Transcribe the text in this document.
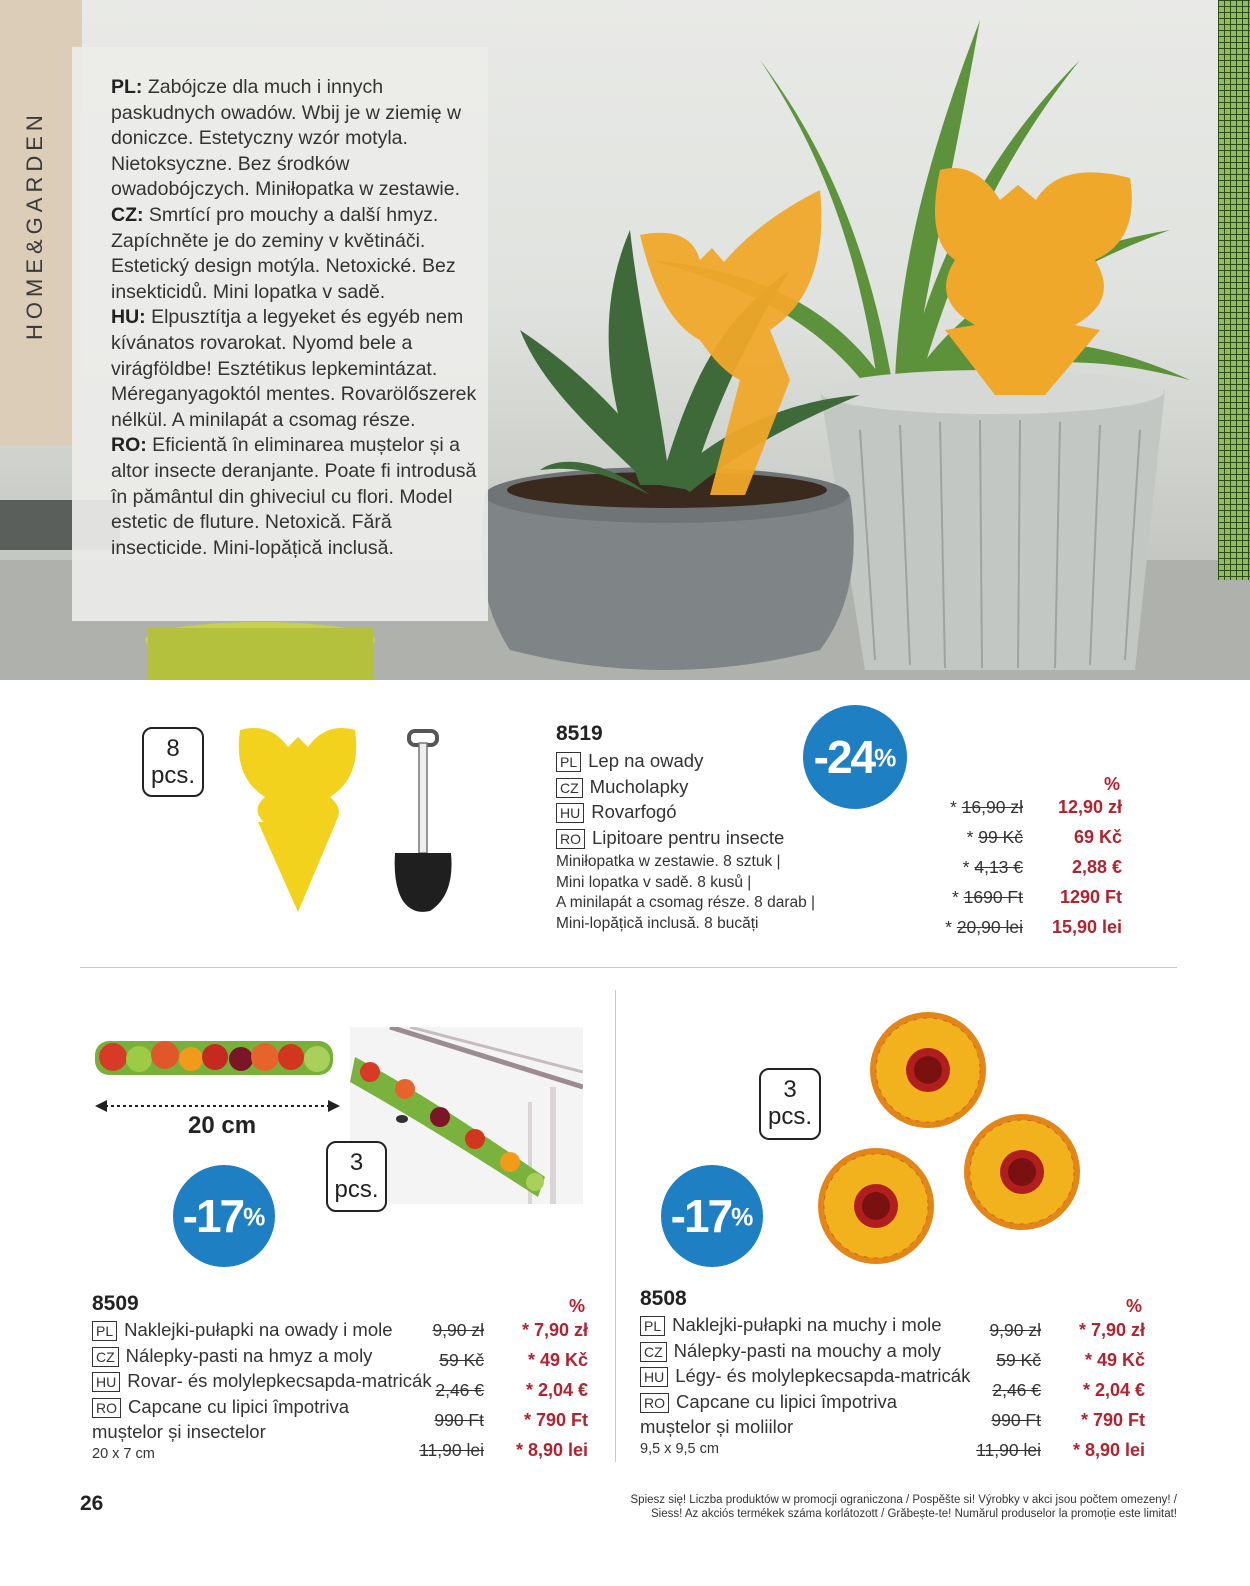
HOME&GARDEN

PL: Zabójcze dla much i innych paskudnych owadów. Wbij je w ziemię w doniczce. Estetyczny wzór motyla. Nietoksyczne. Bez środków owadobójczych. Miniłopatka w zestawie.

CZ: Smrtící pro mouchy a další hmyz. Zapíchněte je do zeminy v květináči. Estetický design motýla. Netoxické. Bez insekticidů. Mini lopatka v sadě.

HU: Elpusztítja a legyeket és egyéb nem kívánatos rovarokat. Nyomd bele a virágföldbe! Esztétikus lepkemintázat. Méreganyagoktól mentes. Rovarölőszerek nélkül. A minilapát a csomag része.

RO: Eficientă în eliminarea muștelor și a altor insecte deranjante. Poate fi introdusă în pământul din ghiveciul cu flori. Model estetic de fluture. Netoxică. Fără insecticide. Mini-lopățică inclusă.

8
pcs.
8519
PL Lep na owady
CZ Mucholapky
HU Rovarfogó
RO Lipitoare pentru insecte
Miniłopatka w zestawie. 8 sztuk |
Mini lopatka v sadě. 8 kusů |
A minilapát a csomag része. 8 darab |
Mini-lopățică inclusă. 8 bucăți
-24%
%
* 16,90 zł
* 99 Kč
* 4,13 €
* 1690 Ft
* 20,90 lei
12,90 zł
69 Kč
2,88 €
1290 Ft
15,90 lei
20 cm
3
pcs.
-17%
8509
PL Naklejki-pułapki na owady i mole
CZ Nálepky-pasti na hmyz a moly
HU Rovar- és molylepkecsapda-matricák
RO Capcane cu lipici împotriva
muștelor și insectelor
20 x 7 cm
%
9,90 zł
59 Kč
2,46 €
990 Ft
11,90 lei
* 7,90 zł
* 49 Kč
* 2,04 €
* 790 Ft
* 8,90 lei
3
pcs.
-17%
8508
PL Naklejki-pułapki na muchy i mole
CZ Nálepky-pasti na mouchy a moly
HU Légy- és molylepkecsapda-matricák
RO Capcane cu lipici împotriva
muștelor și moliilor
9,5 x 9,5 cm
%
9,90 zł
59 Kč
2,46 €
990 Ft
11,90 lei
* 7,90 zł
* 49 Kč
* 2,04 €
* 790 Ft
* 8,90 lei
26	Spiesz się! Liczba produktów w promocji ograniczona / Pospěšte si! Výrobky v akci jsou počtem omezeny! /
Siess! Az akciós termékek száma korlátozott / Grăbește-te! Numărul produselor la promoție este limitat!
